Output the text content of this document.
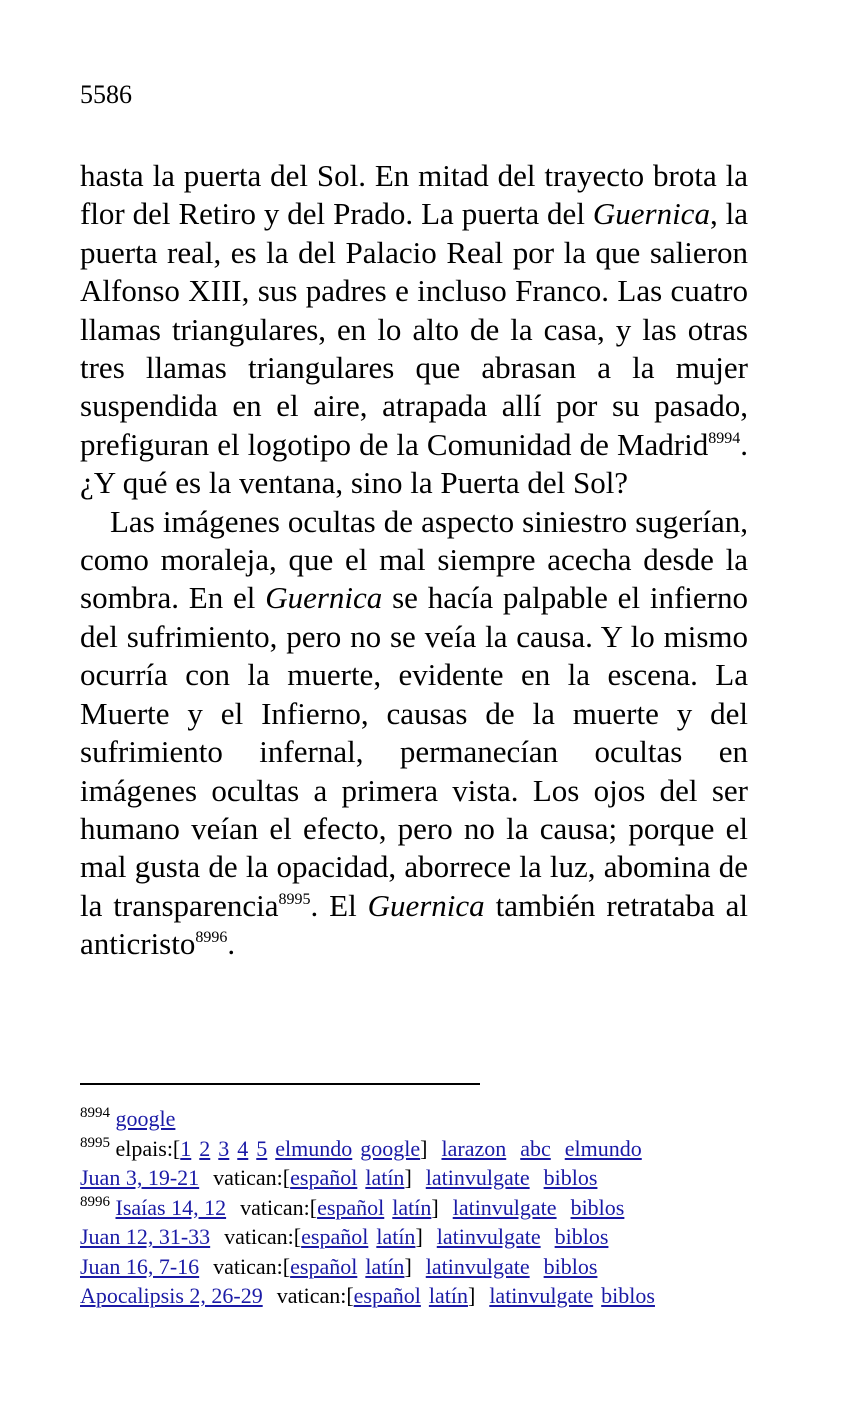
5586

hasta la puerta del Sol. En mitad del trayecto brota la flor del Retiro y del Prado. La puerta del Guernica, la puerta real, es la del Palacio Real por la que salieron Alfonso XIII, sus padres e incluso Franco. Las cuatro llamas triangulares, en lo alto de la casa, y las otras tres llamas triangulares que abrasan a la mujer suspendida en el aire, atrapada allí por su pasado, prefiguran el logotipo de la Comunidad de Madrid$^{8994}$. ¿Y qué es la ventana, sino la Puerta del Sol?

Las imágenes ocultas de aspecto siniestro sugerían, como moraleja, que el mal siempre acecha desde la sombra. En el Guernica se hacía palpable el infierno del sufrimiento, pero no se veía la causa. Y lo mismo ocurría con la muerte, evidente en la escena. La Muerte y el Infierno, causas de la muerte y del sufrimiento infernal, permanecían ocultas en imágenes ocultas a primera vista. Los ojos del ser humano veían el efecto, pero no la causa; porque el mal gusta de la opacidad, aborrece la luz, abomina de la transparencia$^{8995}$. El Guernica también retrataba al anticristo$^{8996}$.

$^{8994}$ google
$^{8995}$ elpais:[1 2 3 4 5 elmundo google] larazon abc elmundo
Juan 3, 19-21 vatican:[español latín] latinvulgate biblos
$^{8996}$ Isaías 14, 12 vatican:[español latín] latinvulgate biblos
Juan 12, 31-33 vatican:[español latín] latinvulgate biblos
Juan 16, 7-16 vatican:[español latín] latinvulgate biblos
Apocalipsis 2, 26-29 vatican:[español latín] latinvulgate biblos
